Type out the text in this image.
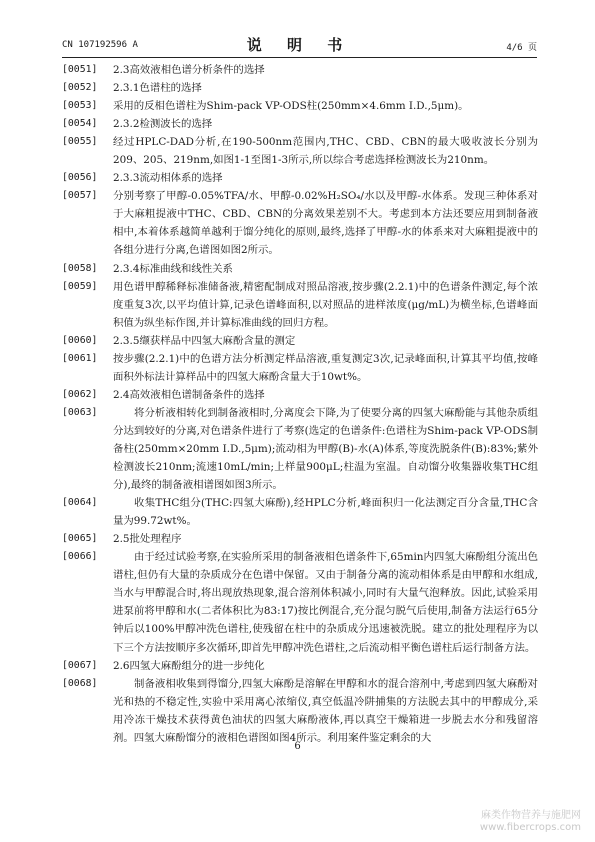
CN 107192596 A	说 明 书	4/6 页
[0051] 2.3高效液相色谱分析条件的选择
[0052] 2.3.1色谱柱的选择
[0053] 采用的反相色谱柱为Shim-pack VP-ODS柱(250mm×4.6mm I.D.,5μm)。
[0054] 2.3.2检测波长的选择
[0055] 经过HPLC-DAD分析,在190-500nm范围内,THC、CBD、CBN的最大吸收波长分别为209、205、219nm,如图1-1至图1-3所示,所以综合考虑选择检测波长为210nm。
[0056] 2.3.3流动相体系的选择
[0057] 分别考察了甲醇-0.05%TFA/水、甲醇-0.02%H₂SO₄/水以及甲醇-水体系。发现三种体系对于大麻粗提液中THC、CBD、CBN的分离效果差别不大。考虑到本方法还要应用到制备液相中,本着体系越简单越利于馏分纯化的原则,最终,选择了甲醇-水的体系来对大麻粗提液中的各组分进行分离,色谱图如图2所示。
[0058] 2.3.4标准曲线和线性关系
[0059] 用色谱甲醇稀释标准储备液,精密配制成对照品溶液,按步骤(2.2.1)中的色谱条件测定,每个浓度重复3次,以平均值计算,记录色谱峰面积,以对照品的进样浓度(μg/mL)为横坐标,色谱峰面积值为纵坐标作图,并计算标准曲线的回归方程。
[0060] 2.3.5缬获样品中四氢大麻酚含量的测定
[0061] 按步骤(2.2.1)中的色谱方法分析测定样品溶液,重复测定3次,记录峰面积,计算其平均值,按峰面积外标法计算样品中的四氢大麻酚含量大于10wt%。
[0062] 2.4高效液相色谱制备条件的选择
[0063]	将分析液相转化到制备液相时,分离度会下降,为了使要分离的四氢大麻酚能与其他杂质组分达到较好的分离,对色谱条件进行了考察(选定的色谱条件:色谱柱为Shim-pack VP-ODS制备柱(250mm×20mm I.D.,5μm);流动相为甲醇(B)-水(A)体系,等度洗脱条件(B):83%;紫外检测波长210nm;流速10mL/min;上样量900μL;柱温为室温。自动馏分收集器收集THC组分),最终的制备液相谱图如图3所示。
[0064]	收集THC组分(THC:四氢大麻酚),经HPLC分析,峰面积归一化法测定百分含量,THC含量为99.72wt%。
[0065] 2.5批处理程序
[0066]	由于经过试验考察,在实验所采用的制备液相色谱条件下,65min内四氢大麻酚组分流出色谱柱,但仍有大量的杂质成分在色谱中保留。又由于制备分离的流动相体系是由甲醇和水组成,当水与甲醇混合时,将出现放热现象,混合溶剂体积减小,同时有大量气泡释放。因此,试验采用进泵前将甲醇和水(二者体积比为83:17)按比例混合,充分混匀脱气后使用,制备方法运行65分钟后以100%甲醇冲洗色谱柱,使残留在柱中的杂质成分迅速被洗脱。建立的批处理程序为以下三个方法按顺序多次循环,即首先甲醇冲洗色谱柱,之后流动相平衡色谱柱后运行制备方法。
[0067] 2.6四氢大麻酚组分的进一步纯化
[0068]	制备液相收集到得馏分,四氢大麻酚是溶解在甲醇和水的混合溶剂中,考虑到四氢大麻酚对光和热的不稳定性,实验中采用离心浓缩仪,真空低温冷阱捕集的方法脱去其中的甲醇成分,采用冷冻干燥技术获得黄色油状的四氢大麻酚液体,再以真空干燥箱进一步脱去水分和残留溶剂。四氢大麻酚馏分的液相色谱图如图4所示。利用案件鉴定剩余的大
6
麻类作物营养与施肥网
www.fibercrops.com
